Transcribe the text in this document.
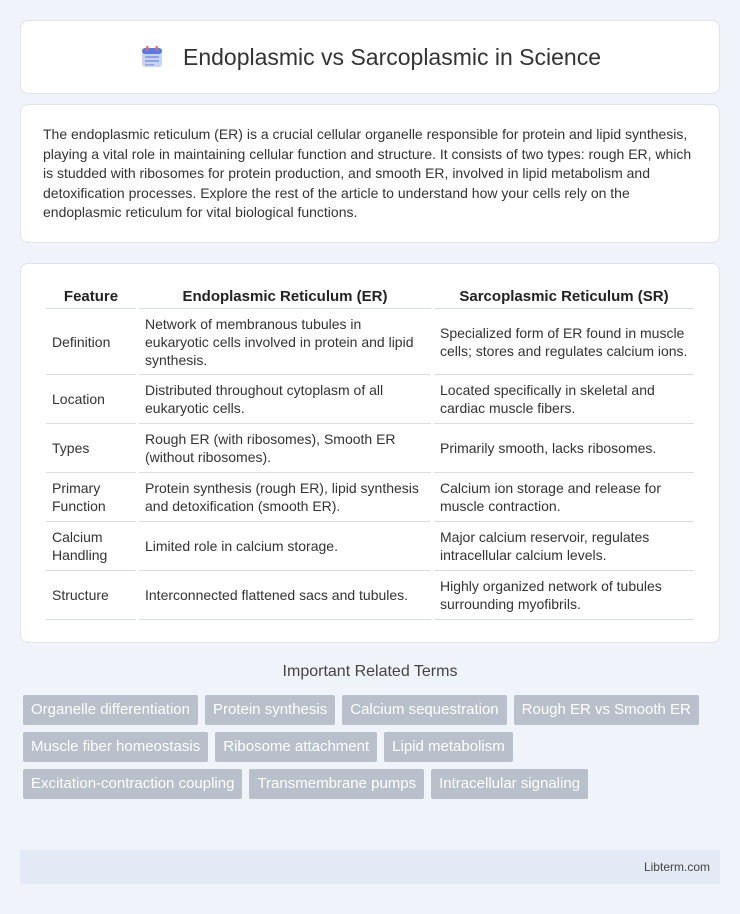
Endoplasmic vs Sarcoplasmic in Science

The endoplasmic reticulum (ER) is a crucial cellular organelle responsible for protein and lipid synthesis, playing a vital role in maintaining cellular function and structure. It consists of two types: rough ER, which is studded with ribosomes for protein production, and smooth ER, involved in lipid metabolism and detoxification processes. Explore the rest of the article to understand how your cells rely on the endoplasmic reticulum for vital biological functions.

Feature	Endoplasmic Reticulum (ER)	Sarcoplasmic Reticulum (SR)
Definition	Network of membranous tubules in eukaryotic cells involved in protein and lipid synthesis.	Specialized form of ER found in muscle cells; stores and regulates calcium ions.
Location	Distributed throughout cytoplasm of all eukaryotic cells.	Located specifically in skeletal and cardiac muscle fibers.
Types	Rough ER (with ribosomes), Smooth ER (without ribosomes).	Primarily smooth, lacks ribosomes.
Primary Function	Protein synthesis (rough ER), lipid synthesis and detoxification (smooth ER).	Calcium ion storage and release for muscle contraction.
Calcium Handling	Limited role in calcium storage.	Major calcium reservoir, regulates intracellular calcium levels.
Structure	Interconnected flattened sacs and tubules.	Highly organized network of tubules surrounding myofibrils.
Important Related Terms
Organelle differentiation	Protein synthesis	Calcium sequestration	Rough ER vs Smooth ER
Muscle fiber homeostasis	Ribosome attachment	Lipid metabolism
Excitation-contraction coupling	Transmembrane pumps	Intracellular signaling
Libterm.com
